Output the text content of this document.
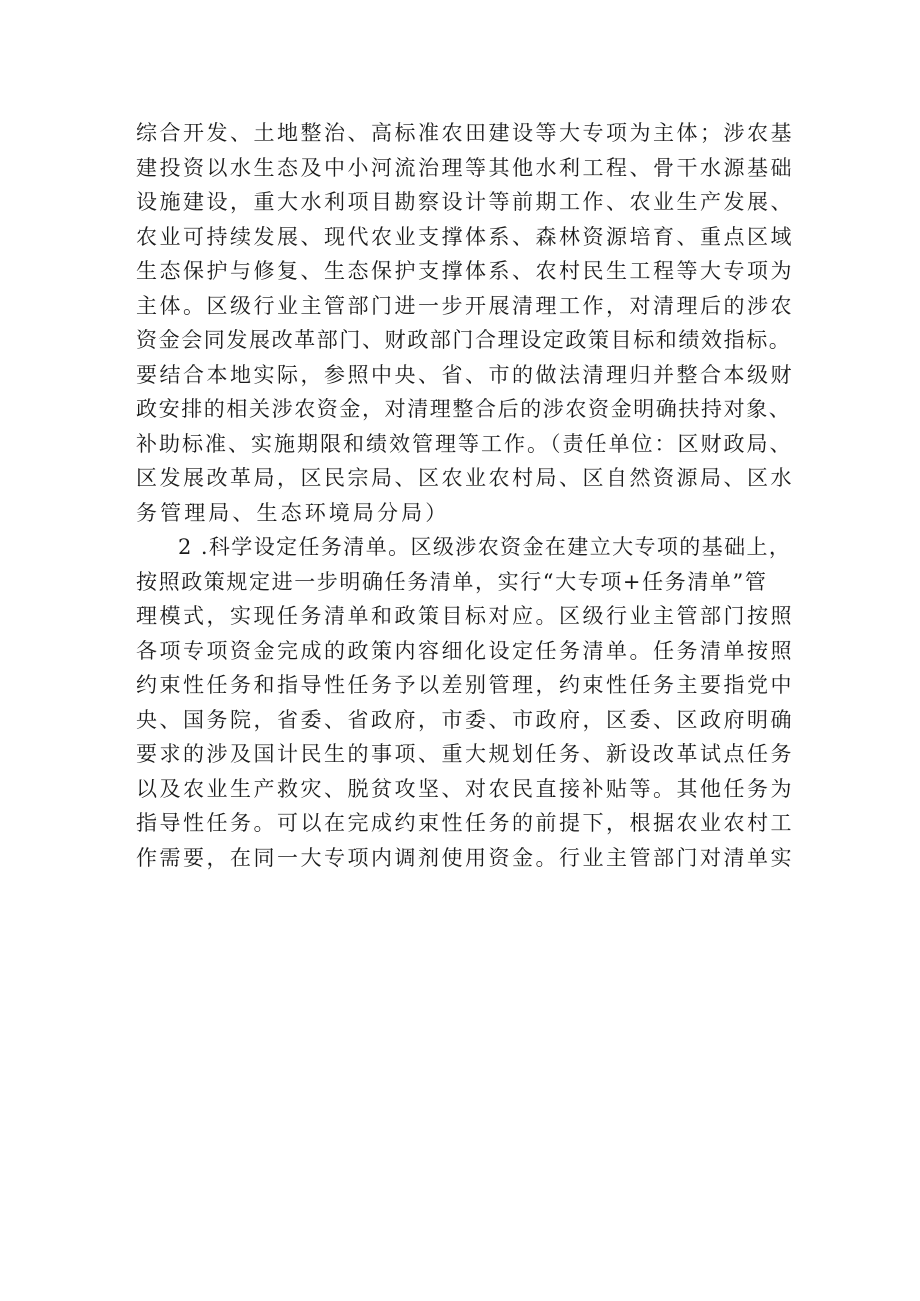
综合开发、土地整治、高标准农田建设等大专项为主体；涉农基
建投资以水生态及中小河流治理等其他水利工程、骨干水源基础
设施建设，重大水利项目勘察设计等前期工作、农业生产发展、
农业可持续发展、现代农业支撑体系、森林资源培育、重点区域
生态保护与修复、生态保护支撑体系、农村民生工程等大专项为
主体。区级行业主管部门进一步开展清理工作，对清理后的涉农
资金会同发展改革部门、财政部门合理设定政策目标和绩效指标。
要结合本地实际，参照中央、省、市的做法清理归并整合本级财
政安排的相关涉农资金，对清理整合后的涉农资金明确扶持对象、
补助标准、实施期限和绩效管理等工作。（责任单位：区财政局、
区发展改革局，区民宗局、区农业农村局、区自然资源局、区水
务管理局、生态环境局分局）
2 .科学设定任务清单。区级涉农资金在建立大专项的基础上，
按照政策规定进一步明确任务清单，实行“大专项+任务清单”管
理模式，实现任务清单和政策目标对应。区级行业主管部门按照
各项专项资金完成的政策内容细化设定任务清单。任务清单按照
约束性任务和指导性任务予以差别管理，约束性任务主要指党中
央、国务院，省委、省政府，市委、市政府，区委、区政府明确
要求的涉及国计民生的事项、重大规划任务、新设改革试点任务
以及农业生产救灾、脱贫攻坚、对农民直接补贴等。其他任务为
指导性任务。可以在完成约束性任务的前提下，根据农业农村工
作需要，在同一大专项内调剂使用资金。行业主管部门对清单实
